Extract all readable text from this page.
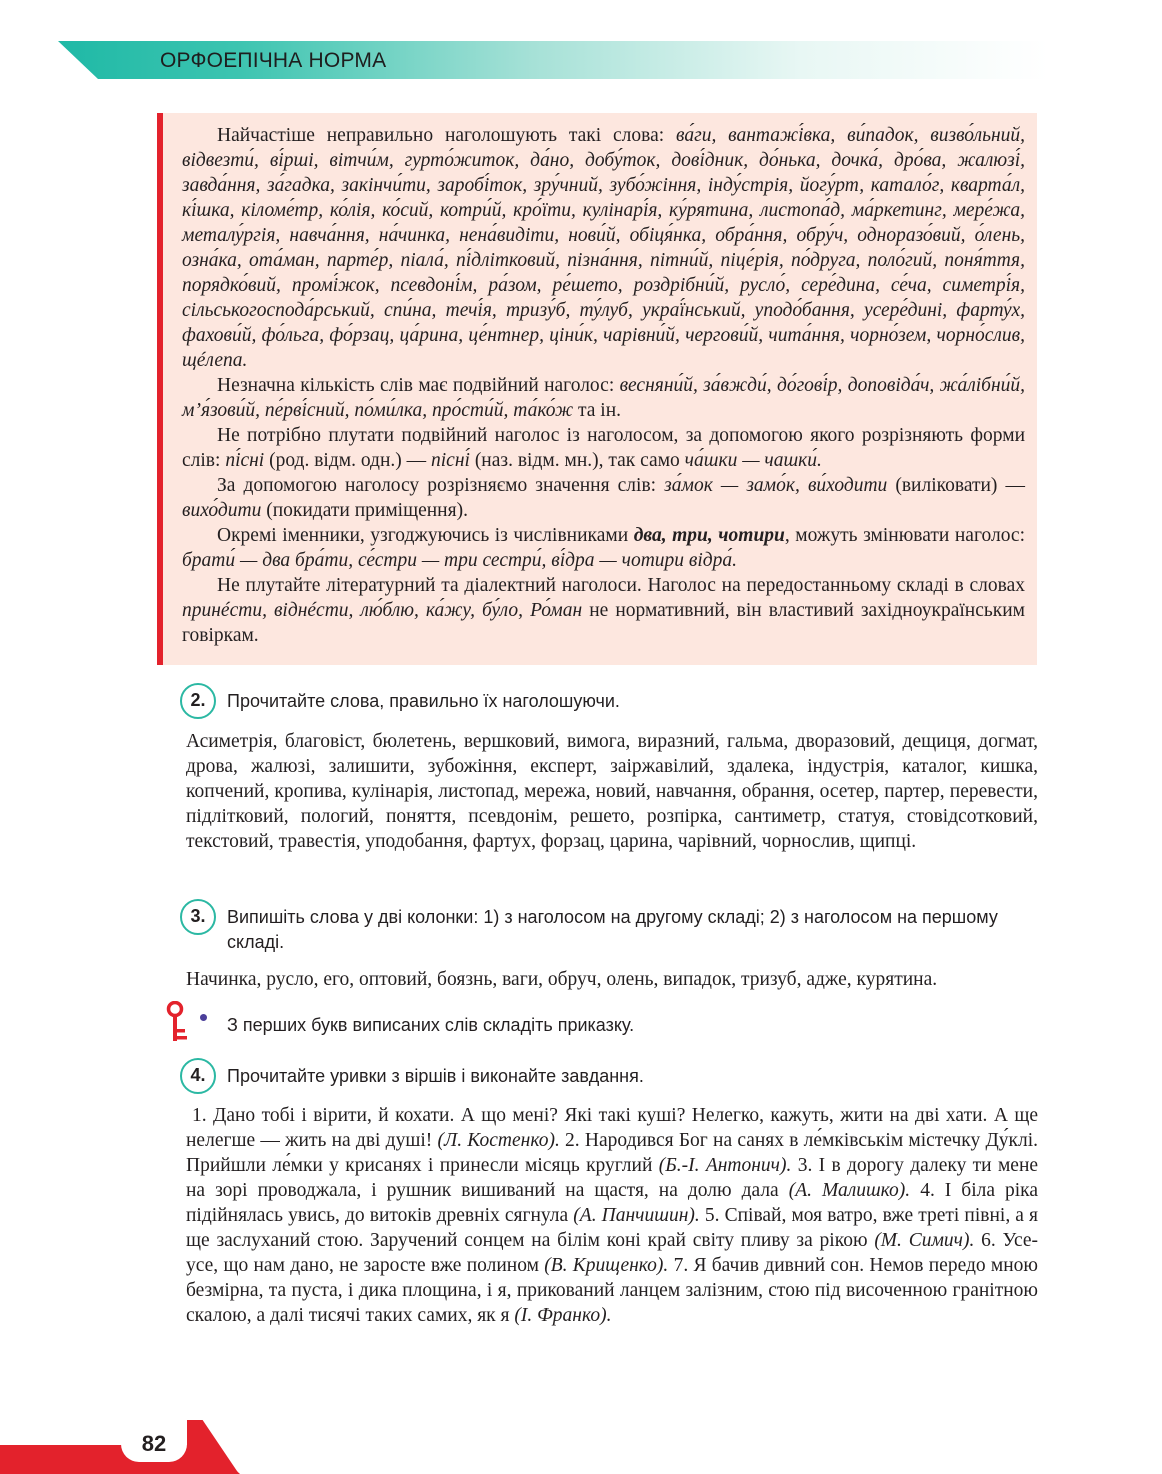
ОРФОЕПІЧНА НОРМА

Найчастіше неправильно наголошують такі слова: ва́ги, вантажі́вка, ви́падок, визво́льний, відвезти́, ві́рші, вітчи́м, гурто́житок, да́но, добу́ток, дові́дник, до́нька, дочка́, дро́ва, жалюзі́, завда́ння, за́гадка, закінчи́ти, заробі́ток, зру́чний, зубо́жіння, інду́стрія, йогу́рт, катало́г, кварта́л, кі́шка, кіломе́тр, ко́лія, ко́сий, котри́й, кро́їти, кулінарі́я, ку́рятина, листопа́д, ма́ркетинг, мере́жа, металу́ргія, навча́ння, на́чинка, нена́видіти, нови́й, обіця́нка, обра́ння, обру́ч, одноразо́вий, о́лень, озна́ка, ота́ман, парте́р, піала́, пі́длітковий, пізна́ння, пітни́й, піце́рія, по́друга, поло́гий, поня́ття, порядко́вий, промі́жок, псевдоні́м, ра́зом, ре́шето, роздрібни́й, русло́, сере́дина, се́ча, симетрі́я, сільськогоспода́рський, спи́на, течі́я, тризу́б, ту́луб, украї́нський, уподо́бання, усере́дині, фарту́х, фахови́й, фо́льга, фо́рзац, ца́рина, це́нтнер, ціни́к, чарівни́й, чергови́й, чита́ння, чорно́зем, чорно́слив, щéлепа.

Незначна кількість слів має подвійний наголос: весняни́й, за́вжди́, до́гові́р, доповіда́ч, жа́лібни́й, м’я́зови́й, пе́рві́сний, по́ми́лка, про́сти́й, та́ко́ж та ін.

Не потрібно плутати подвійний наголос із наголосом, за допомогою якого розрізняють форми слів: пі́сні (род. відм. одн.) — пісні́ (наз. відм. мн.), так само ча́шки — чашки́.

За допомогою наголосу розрізняємо значення слів: за́мок — замо́к, ви́ходити (виліковати) — вихо́дити (покидати приміщення).

Окремі іменники, узгоджуючись із числівниками два, три, чотири, можуть змінювати наголос: брати́ — два бра́ти, се́стри — три сестри́, ві́дра — чотири відра́.

Не плутайте літературний та діалектний наголоси. Наголос на передостанньому складі в словах принéсти, віднéсти, лю́блю, ка́жу, бу́ло, Ро́ман не нормативний, він властивий західноукраїнським говіркам.

2.	Прочитайте слова, правильно їх наголошуючи.

Асиметрія, благовіст, бюлетень, вершковий, вимога, виразний, гальма, дворазовий, дещиця, догмат, дрова, жалюзі, залишити, зубожіння, експерт, заіржавілий, здалека, індустрія, каталог, кишка, копчений, кропива, кулінарія, листопад, мережа, новий, навчання, обрання, осетер, партер, перевести, підлітковий, пологий, поняття, псевдонім, решето, розпірка, сантиметр, статуя, стовідсотковий, текстовий, травестія, уподобання, фартух, форзац, царина, чарівний, чорнослив, щипці.

3.	Випишіть слова у дві колонки: 1) з наголосом на другому складі; 2) з наголосом на першому складі.

Начинка, русло, его, оптовий, боязнь, ваги, обруч, олень, випадок, тризуб, адже, курятина.

З перших букв виписаних слів складіть приказку.
4.	Прочитайте уривки з віршів і виконайте завдання.

1. Дано тобі і вірити, й кохати. А що мені? Які такі куші? Нелегко, кажуть, жити на дві хати. А ще нелегше — жить на дві душі! (Л. Костенко). 2. Народився Бог на санях в ле́мківськім містечку Ду́клі. Прийшли ле́мки у крисанях і принесли місяць круглий (Б.-І. Антонич). 3. І в дорогу далеку ти мене на зорі проводжала, і рушник вишиваний на щастя, на долю дала (А. Малишко). 4. І біла ріка підійнялась увись, до витоків древніх сягнула (А. Панчишин). 5. Співай, моя ватро, вже треті півні, а я ще заслуханий стою. Заручений сонцем на білім коні край світу пливу за рікою (М. Симич). 6. Усе-усе, що нам дано, не заросте вже полином (В. Крищенко). 7. Я бачив дивний сон. Немов передо мною безмірна, та пуста, і дика площина, і я, прикований ланцем залізним, стою під височенною гранітною скалою, а далі тисячі таких самих, як я (І. Франко).

82
